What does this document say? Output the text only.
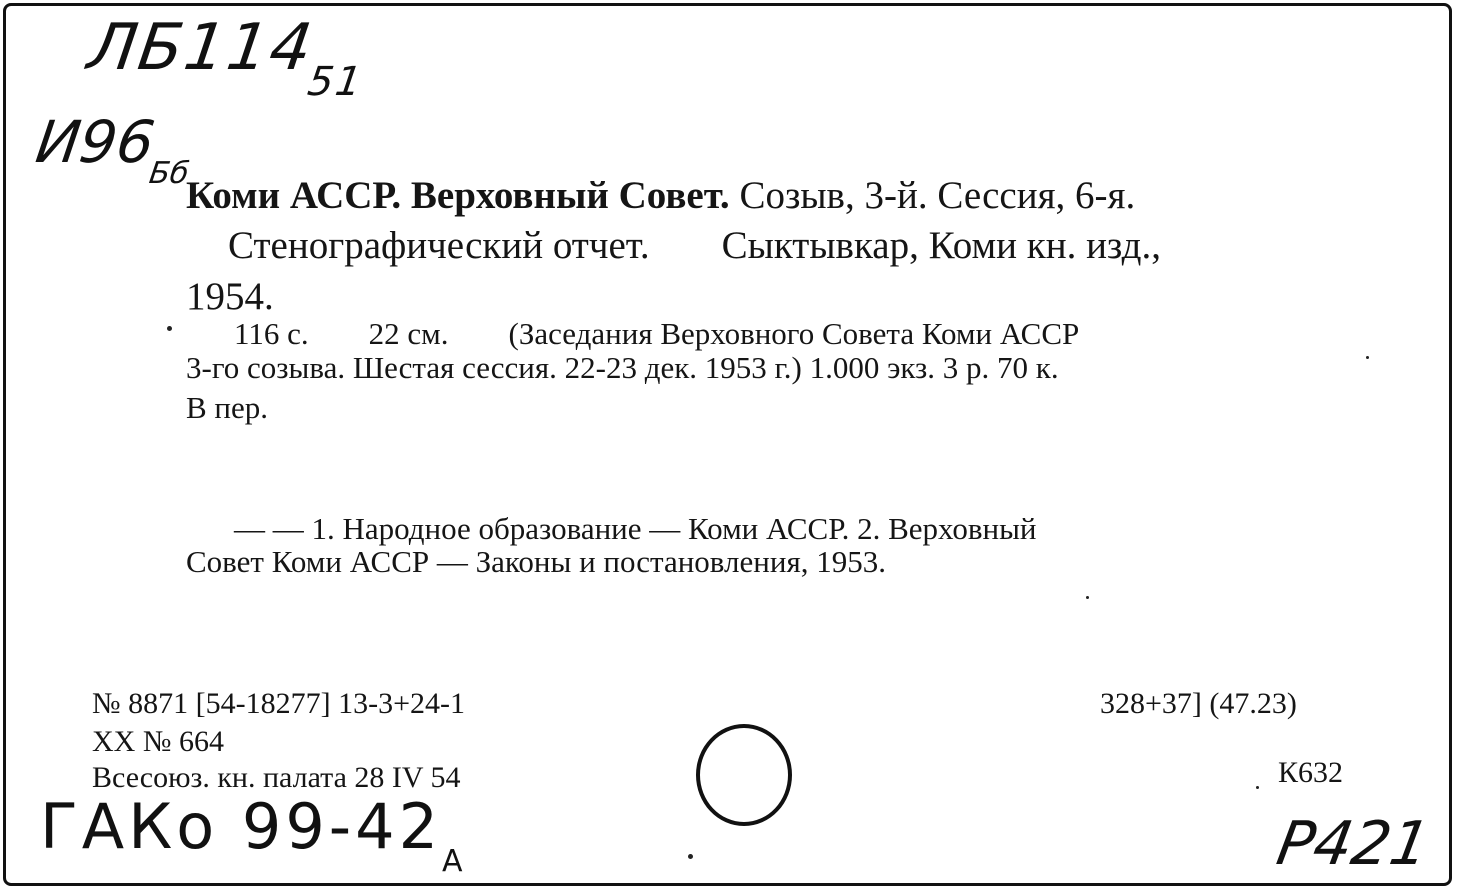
$ЛБ114_{51}$
$И96_{Бб}$
Коми АССР. Верховный Совет. Созыв, 3-й. Сессия, 6-я.
Стенографический отчет. Сыктывкар, Коми кн. изд.,
1954.
116 с. 22 см. (Заседания Верховного Совета Коми АССР
3-го созыва. Шестая сессия. 22-23 дек. 1953 г.) 1.000 экз. 3 р. 70 к.
В пер.
— — 1. Народное образование — Коми АССР. 2. Верховный
Совет Коми АССР — Законы и постановления, 1953.
№ 8871 [54-18277] 13-3+24-1
XX № 664
Всесоюз. кн. палата 28 IV 54
328+37] (47.23)
К632
ГАКо $99-42_А$	Р421
